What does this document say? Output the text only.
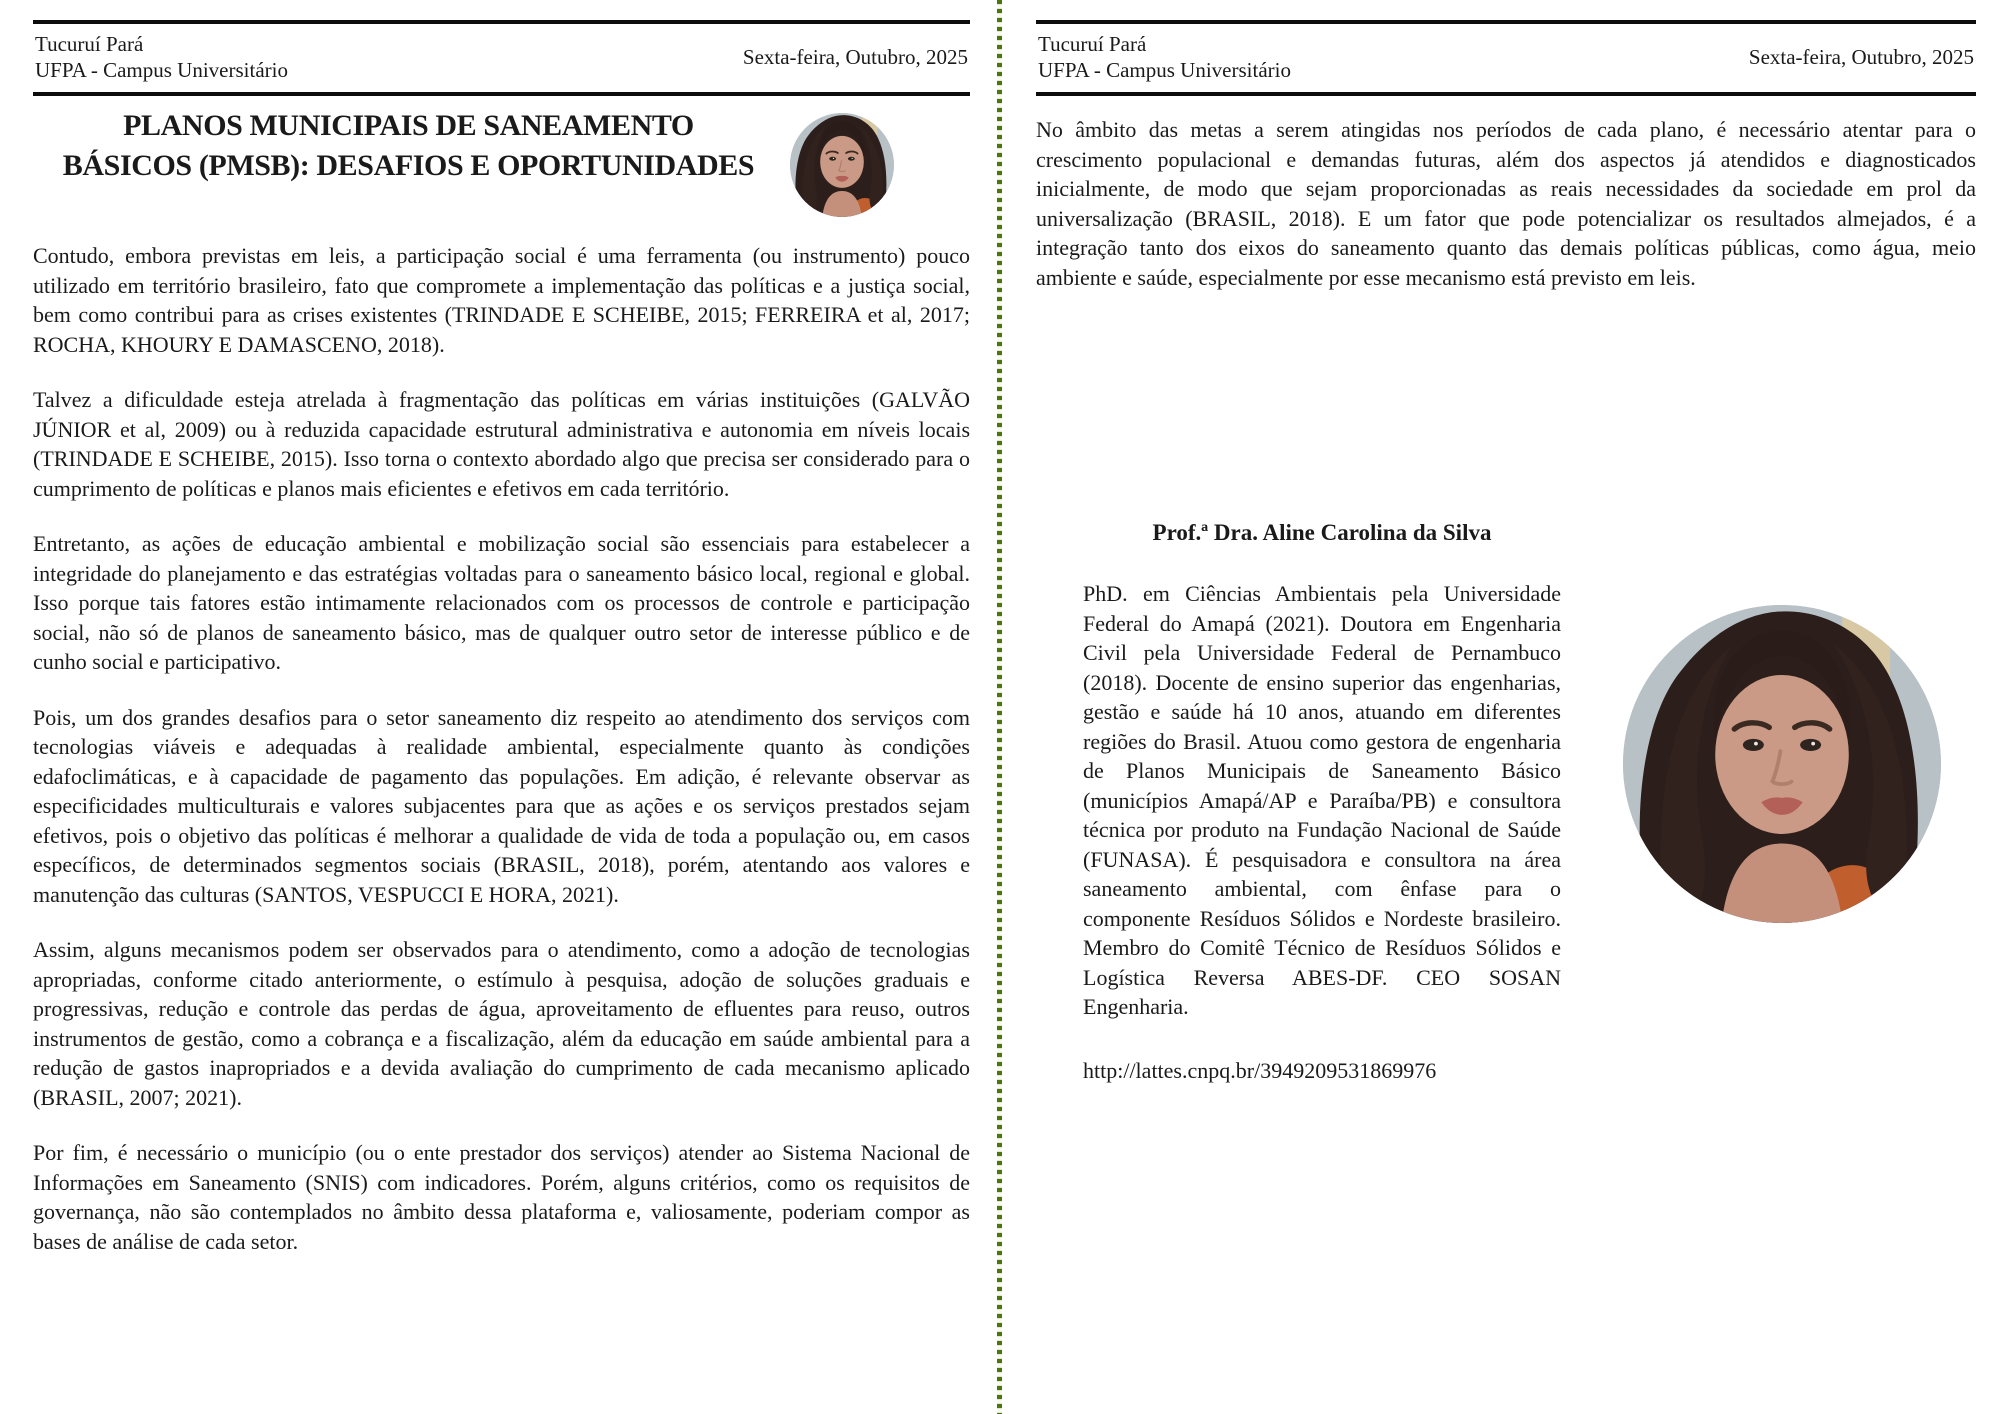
Tucuruí Pará
UFPA - Campus Universitário
Sexta-feira, Outubro, 2025
PLANOS MUNICIPAIS DE SANEAMENTO
BÁSICOS (PMSB): DESAFIOS E OPORTUNIDADES

Contudo, embora previstas em leis, a participação social é uma ferramenta (ou instrumento) pouco utilizado em território brasileiro, fato que compromete a implementação das políticas e a justiça social, bem como contribui para as crises existentes (TRINDADE E SCHEIBE, 2015; FERREIRA et al, 2017; ROCHA, KHOURY E DAMASCENO, 2018).

Talvez a dificuldade esteja atrelada à fragmentação das políticas em várias instituições (GALVÃO JÚNIOR et al, 2009) ou à reduzida capacidade estrutural administrativa e autonomia em níveis locais (TRINDADE E SCHEIBE, 2015). Isso torna o contexto abordado algo que precisa ser considerado para o cumprimento de políticas e planos mais eficientes e efetivos em cada território.

Entretanto, as ações de educação ambiental e mobilização social são essenciais para estabelecer a integridade do planejamento e das estratégias voltadas para o saneamento básico local, regional e global. Isso porque tais fatores estão intimamente relacionados com os processos de controle e participação social, não só de planos de saneamento básico, mas de qualquer outro setor de interesse público e de cunho social e participativo.

Pois, um dos grandes desafios para o setor saneamento diz respeito ao atendimento dos serviços com tecnologias viáveis e adequadas à realidade ambiental, especialmente quanto às condições edafoclimáticas, e à capacidade de pagamento das populações. Em adição, é relevante observar as especificidades multiculturais e valores subjacentes para que as ações e os serviços prestados sejam efetivos, pois o objetivo das políticas é melhorar a qualidade de vida de toda a população ou, em casos específicos, de determinados segmentos sociais (BRASIL, 2018), porém, atentando aos valores e manutenção das culturas (SANTOS, VESPUCCI E HORA, 2021).

Assim, alguns mecanismos podem ser observados para o atendimento, como a adoção de tecnologias apropriadas, conforme citado anteriormente, o estímulo à pesquisa, adoção de soluções graduais e progressivas, redução e controle das perdas de água, aproveitamento de efluentes para reuso, outros instrumentos de gestão, como a cobrança e a fiscalização, além da educação em saúde ambiental para a redução de gastos inapropriados e a devida avaliação do cumprimento de cada mecanismo aplicado (BRASIL, 2007; 2021).

Por fim, é necessário o município (ou o ente prestador dos serviços) atender ao Sistema Nacional de Informações em Saneamento (SNIS) com indicadores. Porém, alguns critérios, como os requisitos de governança, não são contemplados no âmbito dessa plataforma e, valiosamente, poderiam compor as bases de análise de cada setor.

Tucuruí Pará
UFPA - Campus Universitário
Sexta-feira, Outubro, 2025

No âmbito das metas a serem atingidas nos períodos de cada plano, é necessário atentar para o crescimento populacional e demandas futuras, além dos aspectos já atendidos e diagnosticados inicialmente, de modo que sejam proporcionadas as reais necessidades da sociedade em prol da universalização (BRASIL, 2018). E um fator que pode potencializar os resultados almejados, é a integração tanto dos eixos do saneamento quanto das demais políticas públicas, como água, meio ambiente e saúde, especialmente por esse mecanismo está previsto em leis.

Prof.ª Dra. Aline Carolina da Silva

PhD. em Ciências Ambientais pela Universidade Federal do Amapá (2021). Doutora em Engenharia Civil pela Universidade Federal de Pernambuco (2018). Docente de ensino superior das engenharias, gestão e saúde há 10 anos, atuando em diferentes regiões do Brasil. Atuou como gestora de engenharia de Planos Municipais de Saneamento Básico (municípios Amapá/AP e Paraíba/PB) e consultora técnica por produto na Fundação Nacional de Saúde (FUNASA). É pesquisadora e consultora na área saneamento ambiental, com ênfase para o componente Resíduos Sólidos e Nordeste brasileiro. Membro do Comitê Técnico de Resíduos Sólidos e Logística Reversa ABES-DF. CEO SOSAN Engenharia.

http://lattes.cnpq.br/3949209531869976
